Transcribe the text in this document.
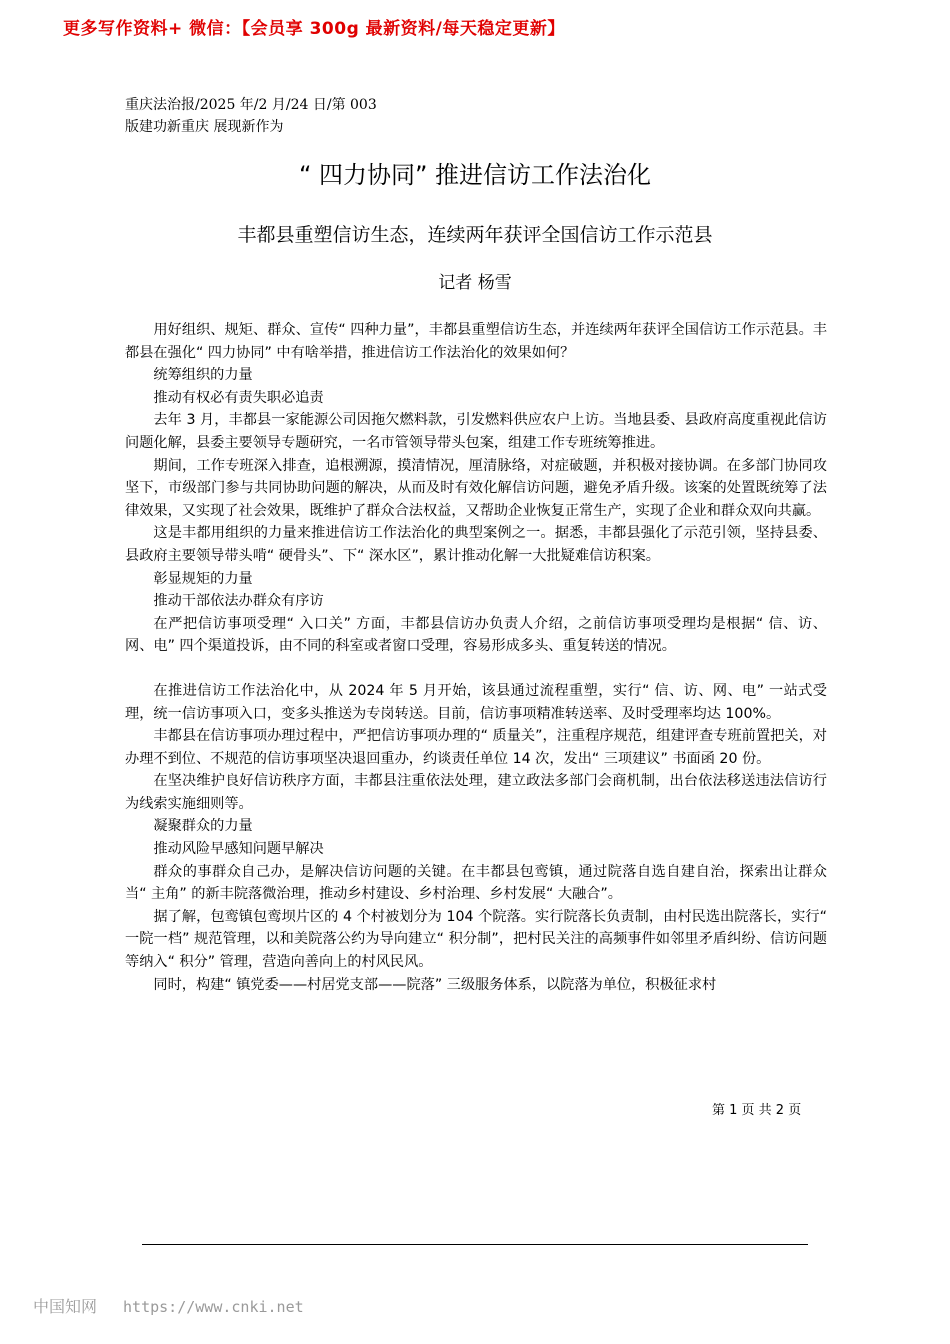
更多写作资料+ 微信：【会员享 300g 最新资料/每天稳定更新】
重庆法治报/2025 年/2 月/24 日/第 003
版建功新重庆 展现新作为
“ 四力协同” 推进信访工作法治化
丰都县重塑信访生态，连续两年获评全国信访工作示范县
记者 杨雪

用好组织、规矩、群众、宣传“ 四种力量”，丰都县重塑信访生态，并连续两年获评全国信访工作示范县。丰都县在强化“ 四力协同” 中有啥举措，推进信访工作法治化的效果如何？

统筹组织的力量

推动有权必有责失职必追责

去年 3 月，丰都县一家能源公司因拖欠燃料款，引发燃料供应农户上访。当地县委、县政府高度重视此信访问题化解，县委主要领导专题研究，一名市管领导带头包案，组建工作专班统筹推进。

期间，工作专班深入排查，追根溯源，摸清情况，厘清脉络，对症破题，并积极对接协调。在多部门协同攻坚下，市级部门参与共同协助问题的解决，从而及时有效化解信访问题，避免矛盾升级。该案的处置既统筹了法律效果，又实现了社会效果，既维护了群众合法权益，又帮助企业恢复正常生产，实现了企业和群众双向共赢。

这是丰都用组织的力量来推进信访工作法治化的典型案例之一。据悉，丰都县强化了示范引领，坚持县委、县政府主要领导带头啃“ 硬骨头”、下“ 深水区”，累计推动化解一大批疑难信访积案。

彰显规矩的力量

推动干部依法办群众有序访

在严把信访事项受理“ 入口关” 方面，丰都县信访办负责人介绍，之前信访事项受理均是根据“ 信、访、网、电” 四个渠道投诉，由不同的科室或者窗口受理，容易形成多头、重复转送的情况。

在推进信访工作法治化中，从 2024 年 5 月开始，该县通过流程重塑，实行“ 信、访、网、电” 一站式受理，统一信访事项入口，变多头推送为专岗转送。目前，信访事项精准转送率、及时受理率均达 100%。

丰都县在信访事项办理过程中，严把信访事项办理的“ 质量关”，注重程序规范，组建评查专班前置把关，对办理不到位、不规范的信访事项坚决退回重办，约谈责任单位 14 次，发出“ 三项建议” 书面函 20 份。

在坚决维护良好信访秩序方面，丰都县注重依法处理，建立政法多部门会商机制，出台依法移送违法信访行为线索实施细则等。

凝聚群众的力量

推动风险早感知问题早解决

群众的事群众自己办，是解决信访问题的关键。在丰都县包鸾镇，通过院落自选自建自治，探索出让群众当“ 主角” 的新丰院落微治理，推动乡村建设、乡村治理、乡村发展“ 大融合”。

据了解，包鸾镇包鸾坝片区的 4 个村被划分为 104 个院落。实行院落长负责制，由村民选出院落长，实行“ 一院一档” 规范管理，以和美院落公约为导向建立“ 积分制”，把村民关注的高频事件如邻里矛盾纠纷、信访问题等纳入“ 积分” 管理，营造向善向上的村风民风。

同时，构建“ 镇党委——村居党支部——院落” 三级服务体系，以院落为单位，积极征求村

第 1 页 共 2 页
中国知网 https://www.cnki.net
